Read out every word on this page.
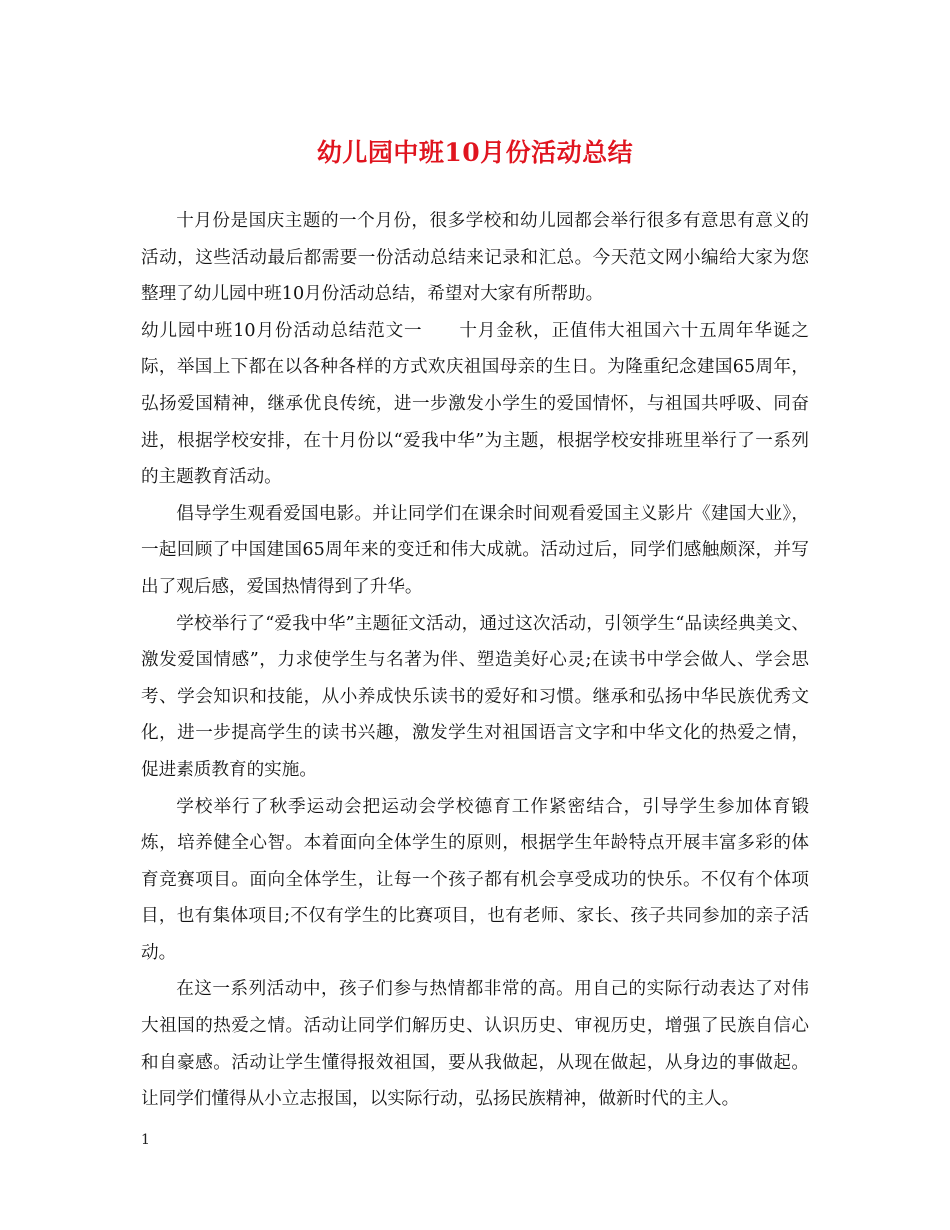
幼儿园中班10月份活动总结

十月份是国庆主题的一个月份，很多学校和幼儿园都会举行很多有意思有意义的活动，这些活动最后都需要一份活动总结来记录和汇总。今天范文网小编给大家为您整理了幼儿园中班10月份活动总结，希望对大家有所帮助。

幼儿园中班10月份活动总结范文一　　十月金秋，正值伟大祖国六十五周年华诞之际，举国上下都在以各种各样的方式欢庆祖国母亲的生日。为隆重纪念建国65周年，弘扬爱国精神，继承优良传统，进一步激发小学生的爱国情怀，与祖国共呼吸、同奋进，根据学校安排，在十月份以“爱我中华”为主题，根据学校安排班里举行了一系列的主题教育活动。

倡导学生观看爱国电影。并让同学们在课余时间观看爱国主义影片《建国大业》，一起回顾了中国建国65周年来的变迁和伟大成就。活动过后，同学们感触颇深，并写出了观后感，爱国热情得到了升华。

学校举行了“爱我中华”主题征文活动，通过这次活动，引领学生“品读经典美文、激发爱国情感”，力求使学生与名著为伴、塑造美好心灵;在读书中学会做人、学会思考、学会知识和技能，从小养成快乐读书的爱好和习惯。继承和弘扬中华民族优秀文化，进一步提高学生的读书兴趣，激发学生对祖国语言文字和中华文化的热爱之情，促进素质教育的实施。

学校举行了秋季运动会把运动会学校德育工作紧密结合，引导学生参加体育锻炼，培养健全心智。本着面向全体学生的原则，根据学生年龄特点开展丰富多彩的体育竞赛项目。面向全体学生，让每一个孩子都有机会享受成功的快乐。不仅有个体项目，也有集体项目;不仅有学生的比赛项目，也有老师、家长、孩子共同参加的亲子活动。

在这一系列活动中，孩子们参与热情都非常的高。用自己的实际行动表达了对伟大祖国的热爱之情。活动让同学们解历史、认识历史、审视历史，增强了民族自信心和自豪感。活动让学生懂得报效祖国，要从我做起，从现在做起，从身边的事做起。让同学们懂得从小立志报国，以实际行动，弘扬民族精神，做新时代的主人。

1
